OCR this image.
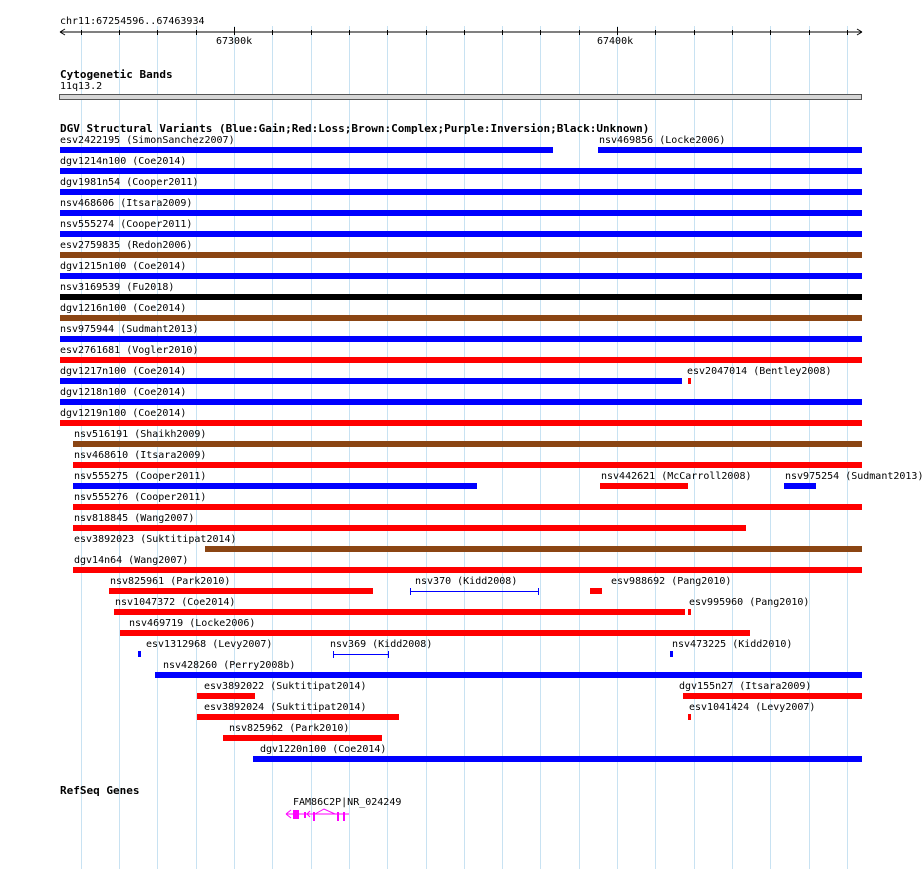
chr11:67254596..67463934
67300k	67400k
Cytogenetic Bands
11q13.2
DGV Structural Variants (Blue:Gain;Red:Loss;Brown:Complex;Purple:Inversion;Black:Unknown)
esv2422195 (SimonSanchez2007)	nsv469856 (Locke2006)
dgv1214n100 (Coe2014)
dgv1981n54 (Cooper2011)
nsv468606 (Itsara2009)
nsv555274 (Cooper2011)
esv2759835 (Redon2006)
dgv1215n100 (Coe2014)
nsv3169539 (Fu2018)
dgv1216n100 (Coe2014)
nsv975944 (Sudmant2013)
esv2761681 (Vogler2010)
dgv1217n100 (Coe2014)	esv2047014 (Bentley2008)
dgv1218n100 (Coe2014)
dgv1219n100 (Coe2014)
nsv516191 (Shaikh2009)
nsv468610 (Itsara2009)
nsv555275 (Cooper2011)	nsv442621 (McCarroll2008)	nsv975254 (Sudmant2013)
nsv555276 (Cooper2011)
nsv818845 (Wang2007)
esv3892023 (Suktitipat2014)
dgv14n64 (Wang2007)
nsv825961 (Park2010)	nsv370 (Kidd2008)	esv988692 (Pang2010)
nsv1047372 (Coe2014)	esv995960 (Pang2010)
nsv469719 (Locke2006)
esv1312968 (Levy2007)	nsv369 (Kidd2008)	nsv473225 (Kidd2010)
nsv428260 (Perry2008b)
esv3892022 (Suktitipat2014)	dgv155n27 (Itsara2009)
esv3892024 (Suktitipat2014)	esv1041424 (Levy2007)
nsv825962 (Park2010)
dgv1220n100 (Coe2014)
RefSeq Genes
FAM86C2P|NR_024249
